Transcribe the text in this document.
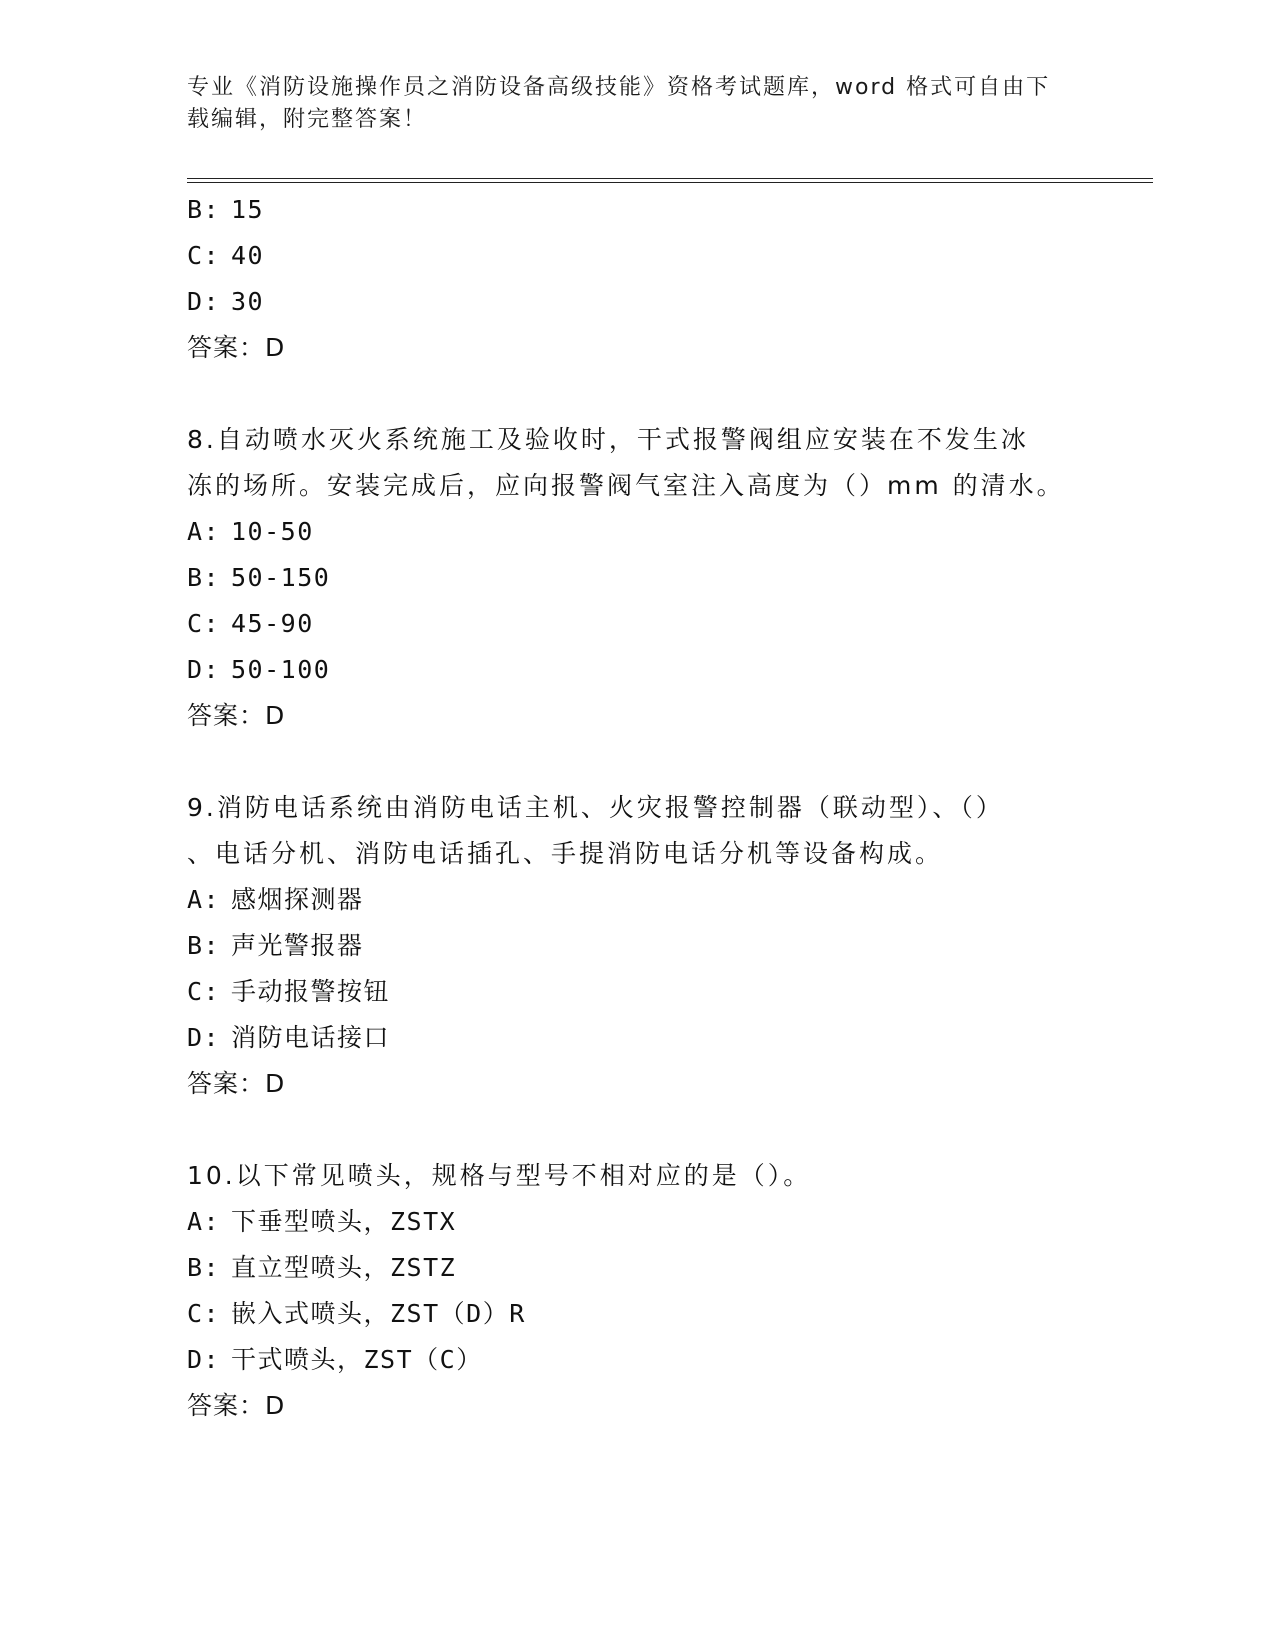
专业《消防设施操作员之消防设备高级技能》资格考试题库，word 格式可自由下
载编辑，附完整答案！
B: 15
C: 40
D: 30
答案：D
8.自动喷水灭火系统施工及验收时，干式报警阀组应安装在不发生冰
冻的场所。安装完成后，应向报警阀气室注入高度为（）mm 的清水。
A: 10-50
B: 50-150
C: 45-90
D: 50-100
答案：D
9.消防电话系统由消防电话主机、火灾报警控制器（联动型）、（）
、电话分机、消防电话插孔、手提消防电话分机等设备构成。
A: 感烟探测器
B: 声光警报器
C: 手动报警按钮
D: 消防电话接口
答案：D
10.以下常见喷头，规格与型号不相对应的是（）。
A: 下垂型喷头，ZSTX
B: 直立型喷头，ZSTZ
C: 嵌入式喷头，ZST（D）R
D: 干式喷头，ZST（C）
答案：D
